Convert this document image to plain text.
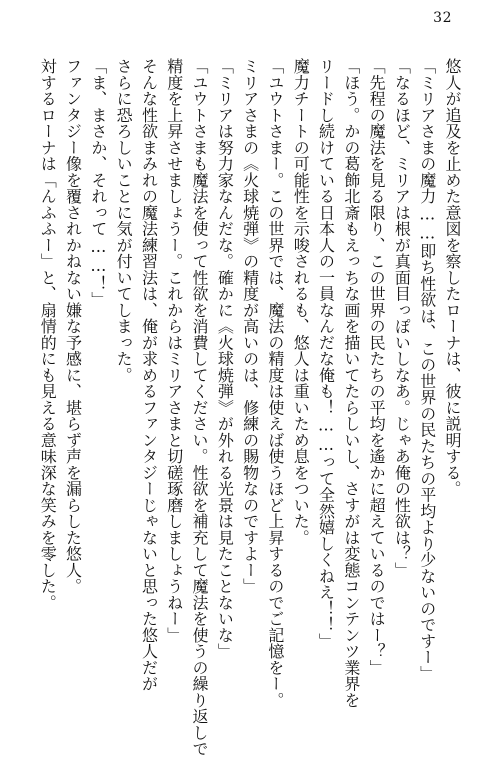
32
悠人が追及を止めた意図を察したローナは、彼に説明する。
「ミリアさまの魔力……即ち性欲は、この世界の民たちの平均より少ないのですー」
「なるほど、ミリアは根が真面目っぽいしなあ。じゃあ俺の性欲は？」
「先程の魔法を見る限り、この世界の民たちの平均を遙かに超えているのではー？」
「ほう。かの葛飾北斎もえっちな画を描いてたらしいし、さすがは変態コンテンツ業界を
リードし続けている日本人の一員なんだな俺も！……って全然嬉しくねえ！！」
魔力チートの可能性を示唆されるも、悠人は重いため息をついた。
「ユウトさまー。この世界では、魔法の精度は使えば使うほど上昇するのでご記憶をー。
ミリアさまの《火球焼弾》の精度が高いのは、修練の賜物なのですよー」
「ミリアは努力家なんだな。確かに《火球焼弾》が外れる光景は見たことないな」
「ユウトさまも魔法を使って性欲を消費してください。性欲を補充して魔法を使うの繰り返しで
精度を上昇させましょうー。これからはミリアさまと切磋琢磨しましょうねー」
そんな性欲まみれの魔法練習法は、俺が求めるファンタジーじゃないと思った悠人だが
さらに恐ろしいことに気が付いてしまった。
「ま、まさか、それって……！」
ファンタジー像を覆されかねない嫌な予感に、堪らず声を漏らした悠人。
対するローナは「んふふー」と、扇情的にも見える意味深な笑みを零した。
